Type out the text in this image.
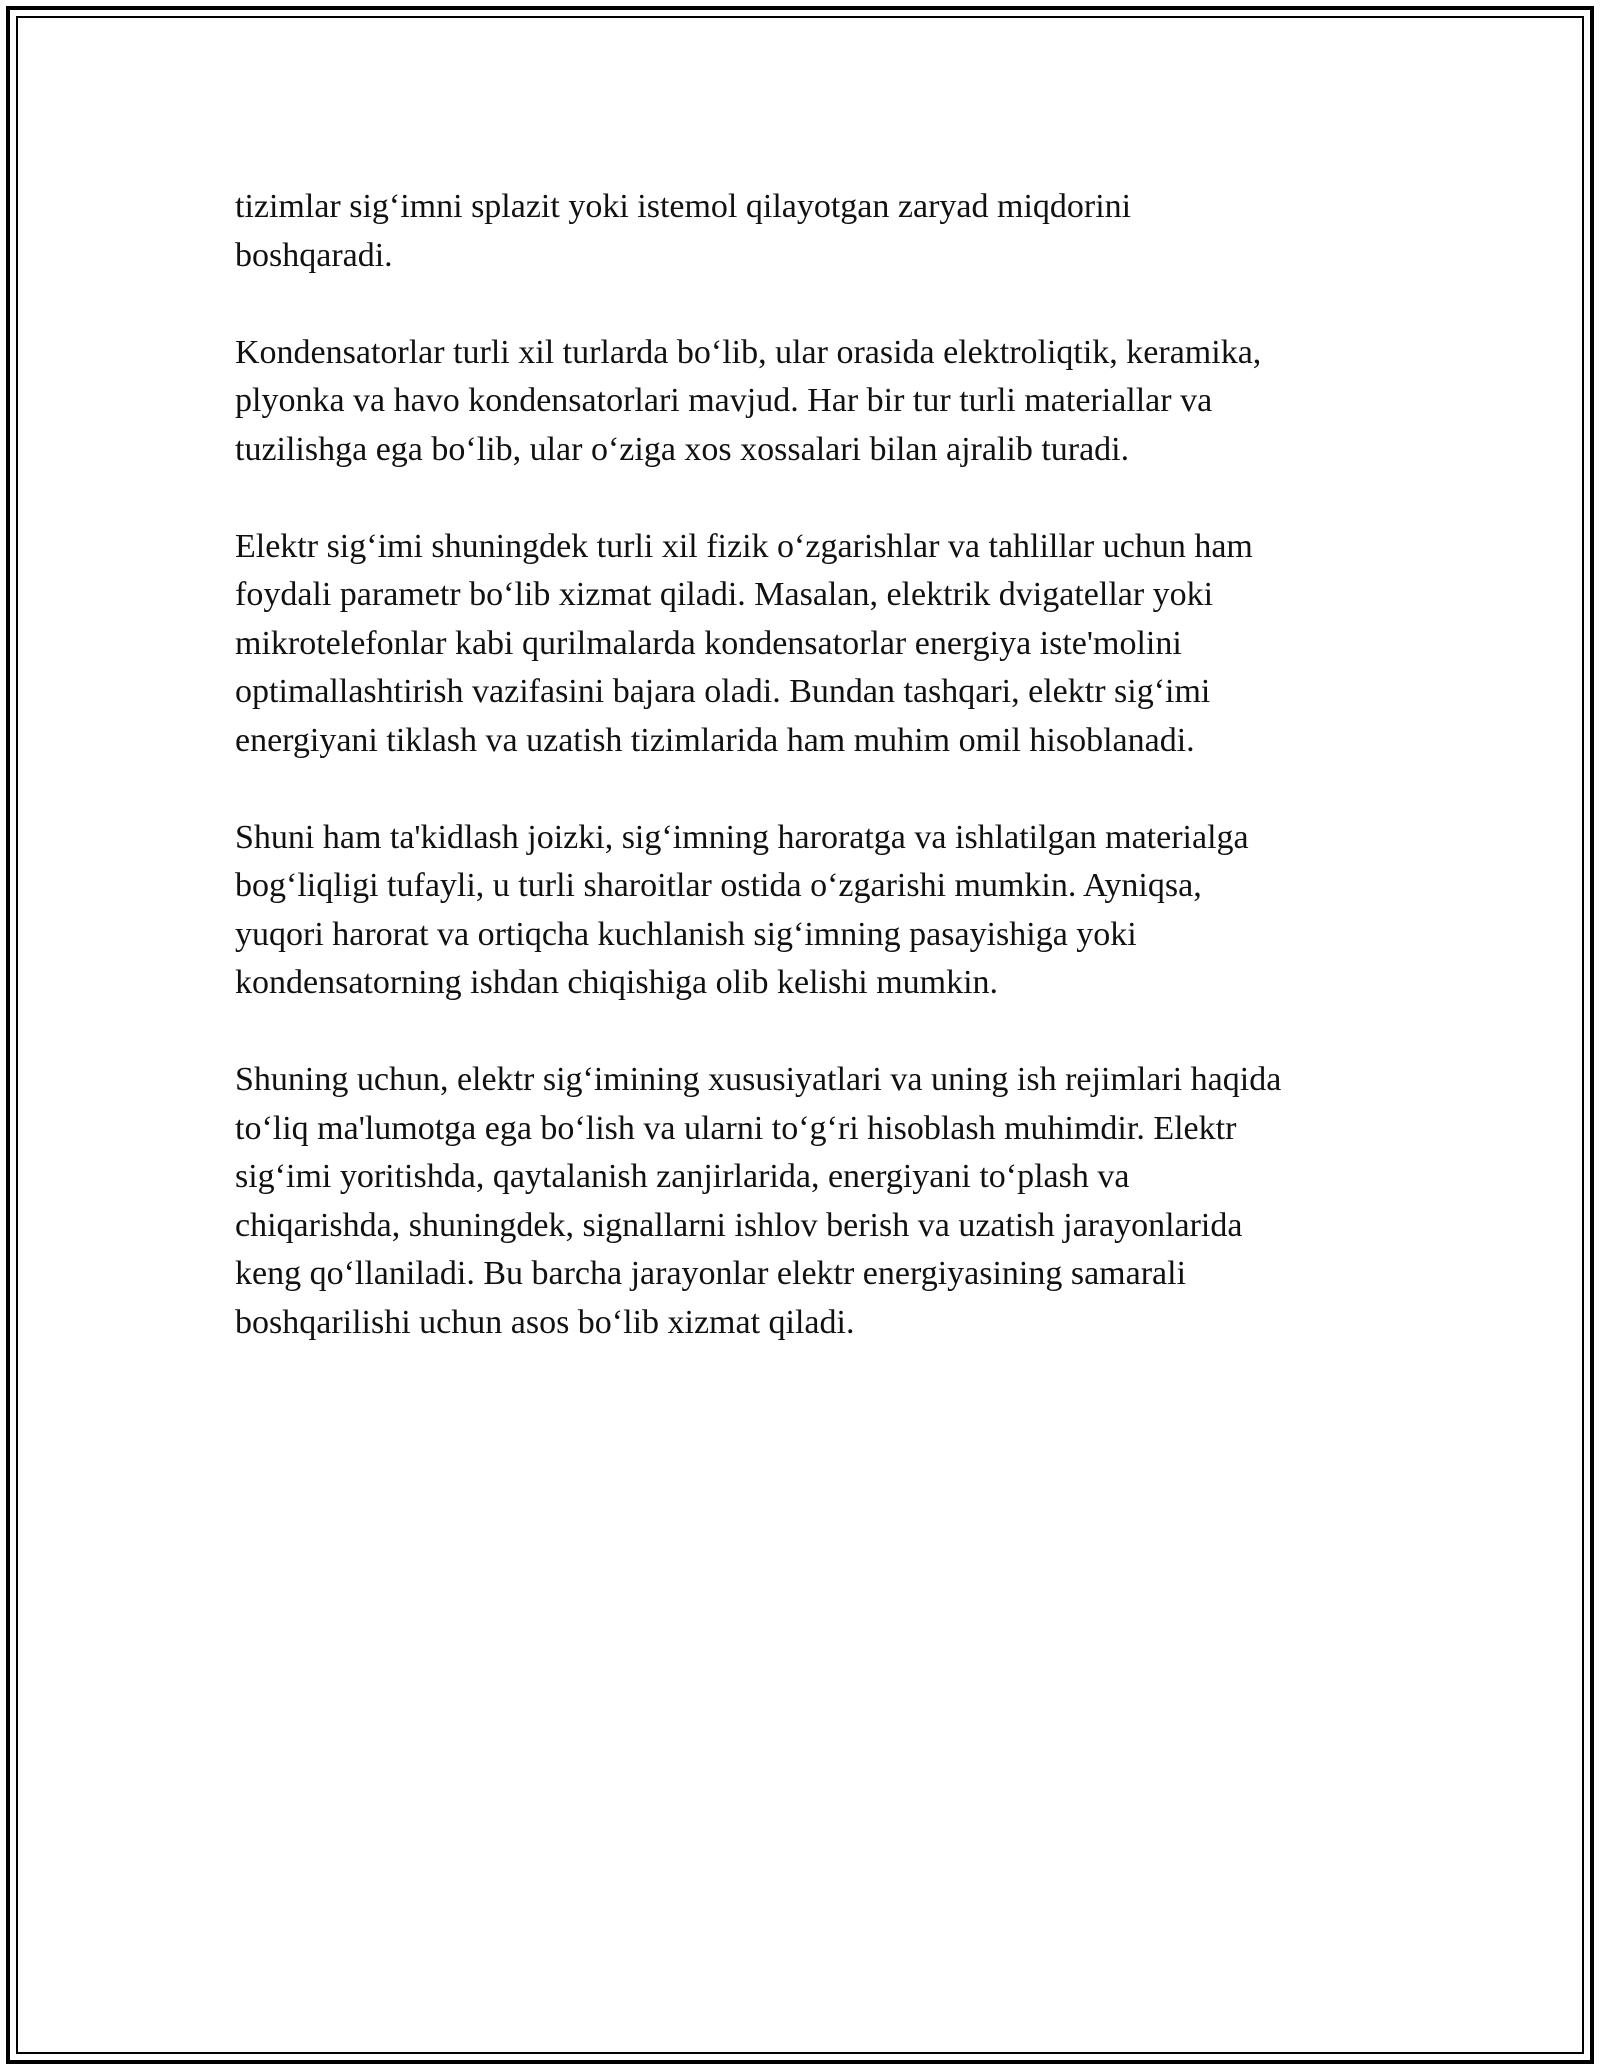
tizimlar sig‘imni splazit yoki istemol qilayotgan zaryad miqdorini
boshqaradi.

Kondensatorlar turli xil turlarda bo‘lib, ular orasida elektroliqtik, keramika,
plyonka va havo kondensatorlari mavjud. Har bir tur turli materiallar va
tuzilishga ega bo‘lib, ular o‘ziga xos xossalari bilan ajralib turadi.

Elektr sig‘imi shuningdek turli xil fizik o‘zgarishlar va tahlillar uchun ham
foydali parametr bo‘lib xizmat qiladi. Masalan, elektrik dvigatellar yoki
mikrotelefonlar kabi qurilmalarda kondensatorlar energiya iste'molini
optimallashtirish vazifasini bajara oladi. Bundan tashqari, elektr sig‘imi
energiyani tiklash va uzatish tizimlarida ham muhim omil hisoblanadi.

Shuni ham ta'kidlash joizki, sig‘imning haroratga va ishlatilgan materialga
bog‘liqligi tufayli, u turli sharoitlar ostida o‘zgarishi mumkin. Ayniqsa,
yuqori harorat va ortiqcha kuchlanish sig‘imning pasayishiga yoki
kondensatorning ishdan chiqishiga olib kelishi mumkin.

Shuning uchun, elektr sig‘imining xususiyatlari va uning ish rejimlari haqida
to‘liq ma'lumotga ega bo‘lish va ularni to‘g‘ri hisoblash muhimdir. Elektr
sig‘imi yoritishda, qaytalanish zanjirlarida, energiyani to‘plash va
chiqarishda, shuningdek, signallarni ishlov berish va uzatish jarayonlarida
keng qo‘llaniladi. Bu barcha jarayonlar elektr energiyasining samarali
boshqarilishi uchun asos bo‘lib xizmat qiladi.
